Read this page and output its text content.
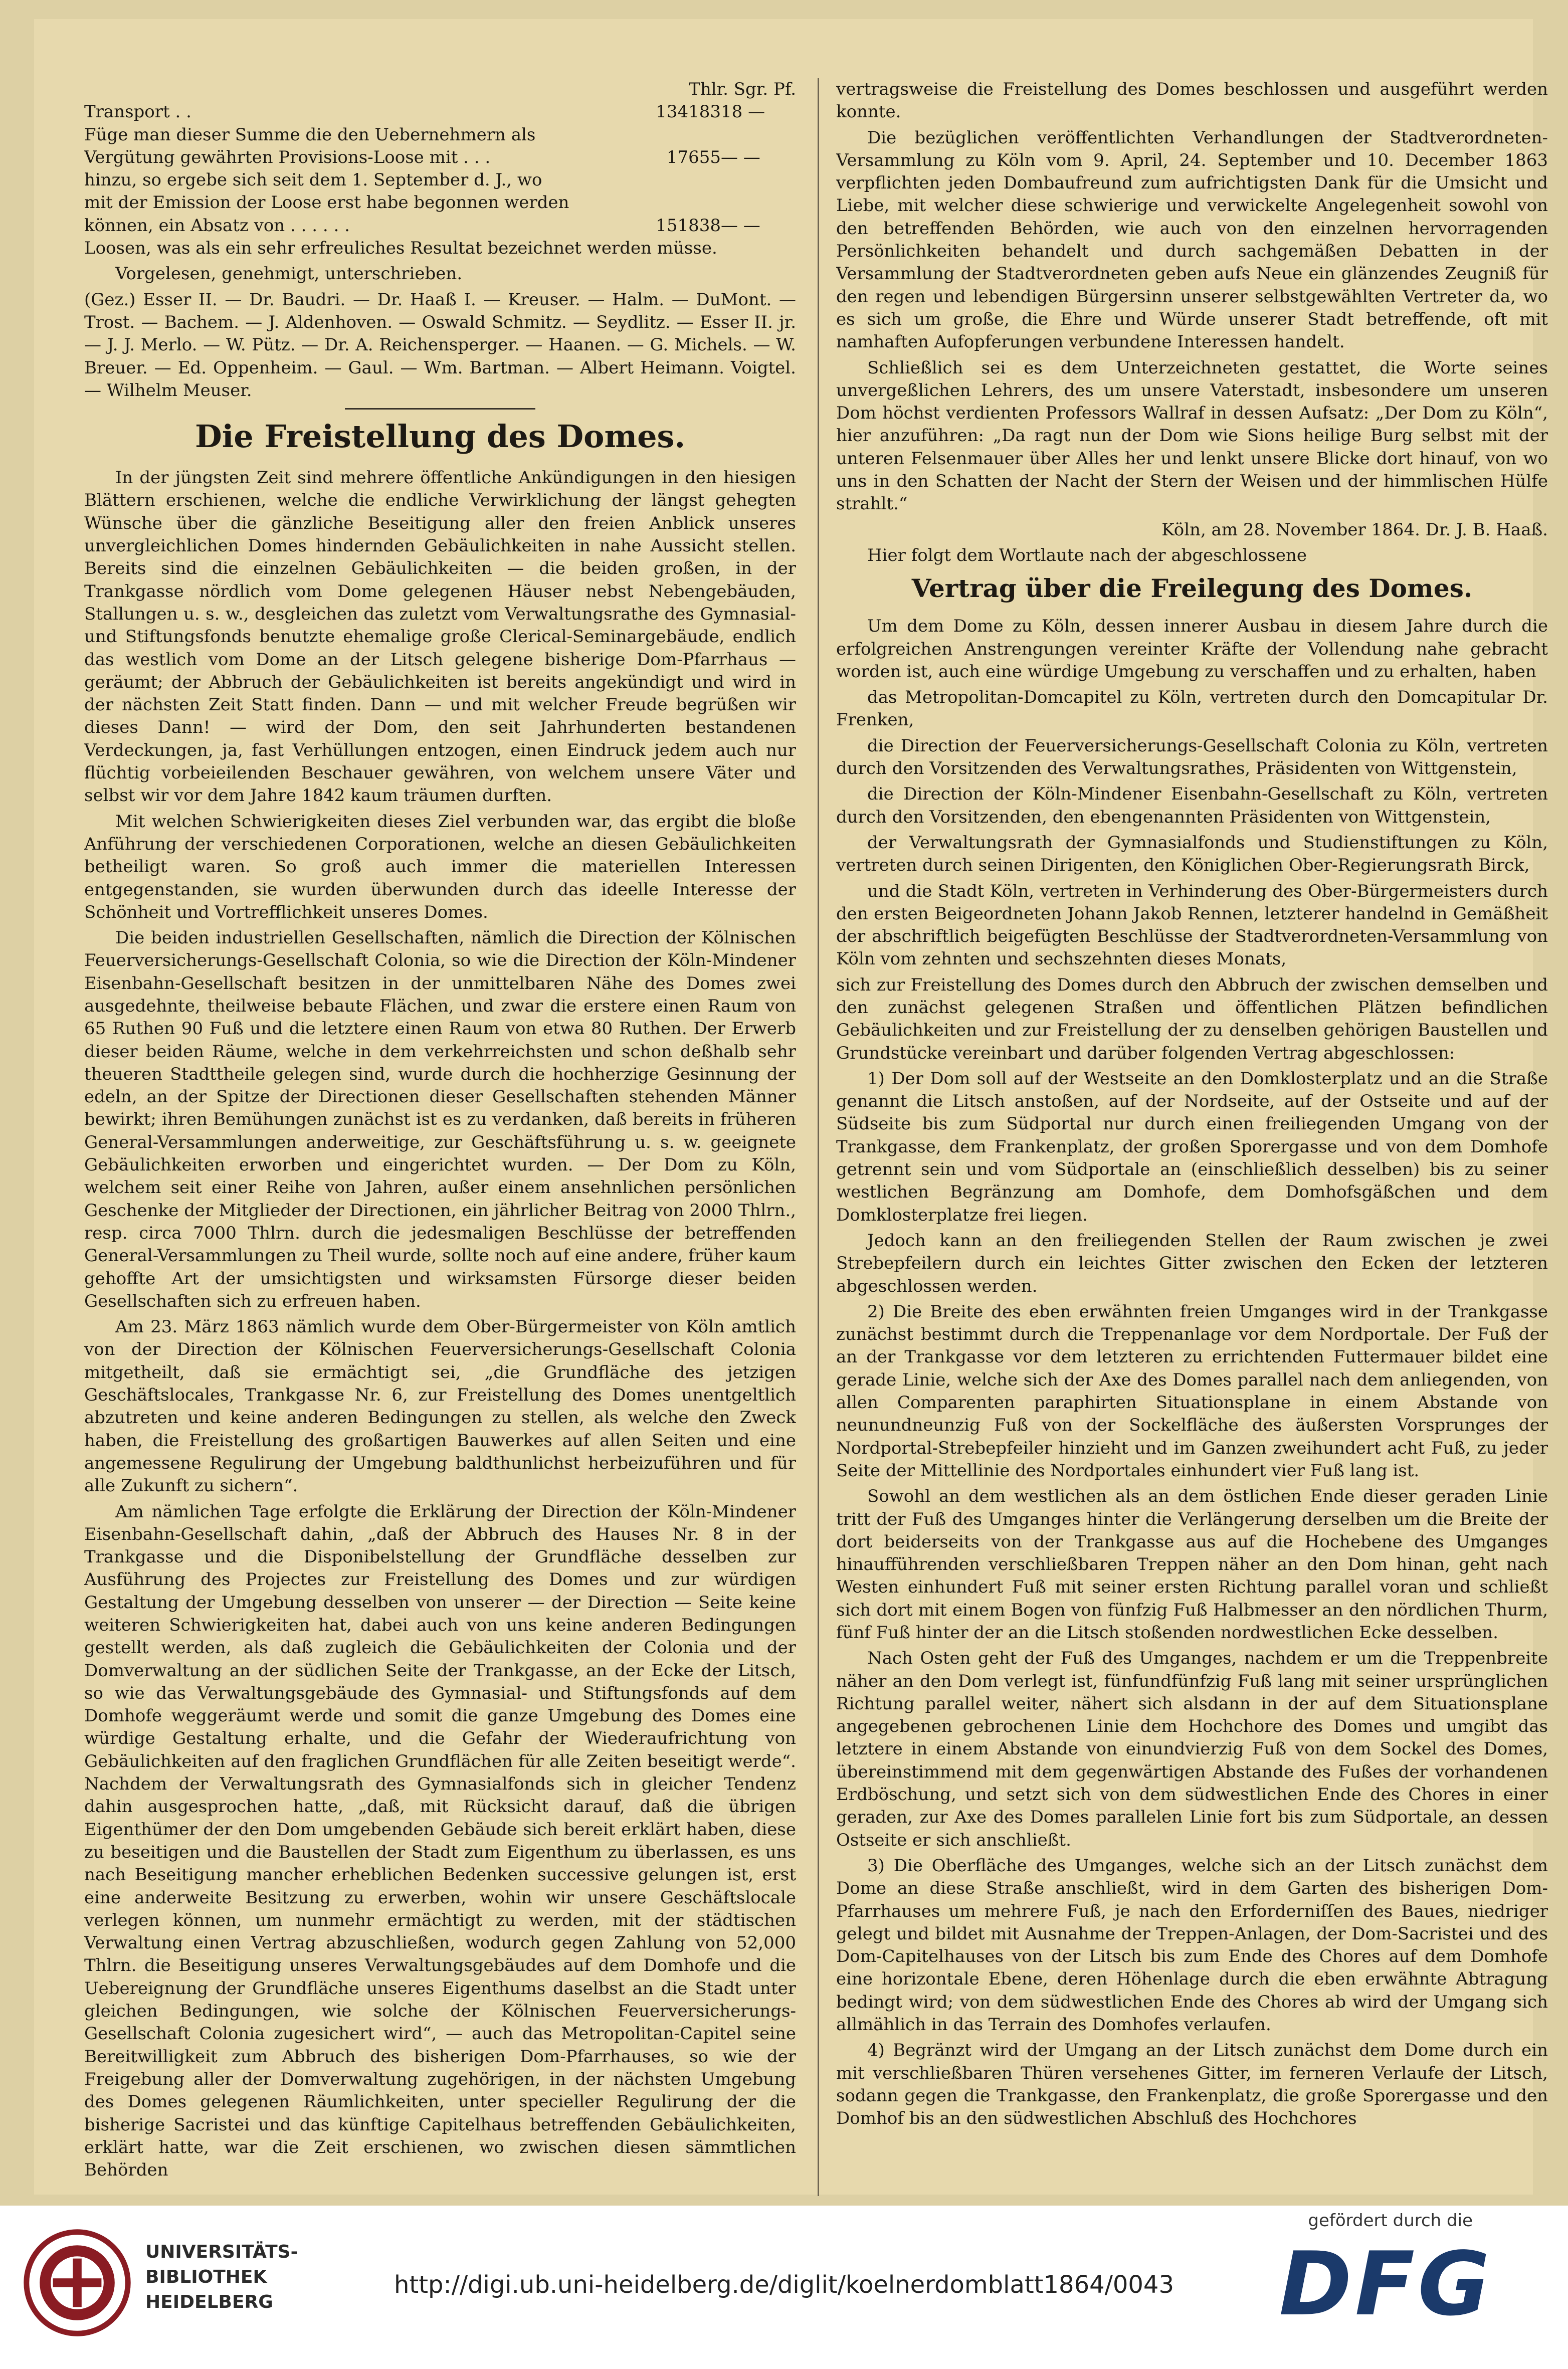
Thlr. Sgr. Pf.

Transport . .	134183 18 —
Füge man dieser Summe die den Uebernehmern als
Vergütung gewährten Provisions-Loose mit . . .	17655 — —
hinzu, so ergebe sich seit dem 1. September d. J., wo
mit der Emission der Loose erst habe begonnen werden
können, ein Absatz von . . . . . .	151838 — —

Loosen, was als ein sehr erfreuliches Resultat bezeichnet werden müsse.

Vorgelesen, genehmigt, unterschrieben.

(Gez.) Esser II. — Dr. Baudri. — Dr. Haaß I. — Kreuser. — Halm. — DuMont. — Trost. — Bachem. — J. Aldenhoven. — Oswald Schmitz. — Seydlitz. — Esser II. jr. — J. J. Merlo. — W. Pütz. — Dr. A. Reichensperger. — Haanen. — G. Michels. — W. Breuer. — Ed. Oppenheim. — Gaul. — Wm. Bartman. — Albert Heimann. Voigtel. — Wilhelm Meuser.

Die Freistellung des Domes.

In der jüngsten Zeit sind mehrere öffentliche Ankündigungen in den hiesigen Blättern erschienen, welche die endliche Verwirklichung der längst gehegten Wünsche über die gänzliche Beseitigung aller den freien Anblick unseres unvergleichlichen Domes hindernden Gebäulichkeiten in nahe Aussicht stellen. Bereits sind die einzelnen Gebäulichkeiten — die beiden großen, in der Trankgasse nördlich vom Dome gelegenen Häuser nebst Nebengebäuden, Stallungen u. s. w., desgleichen das zuletzt vom Verwaltungsrathe des Gymnasial- und Stiftungsfonds benutzte ehemalige große Clerical-Seminargebäude, endlich das westlich vom Dome an der Litsch gelegene bisherige Dom-Pfarrhaus — geräumt; der Abbruch der Gebäulichkeiten ist bereits angekündigt und wird in der nächsten Zeit Statt finden. Dann — und mit welcher Freude begrüßen wir dieses Dann! — wird der Dom, den seit Jahrhunderten bestandenen Verdeckungen, ja, fast Verhüllungen entzogen, einen Eindruck jedem auch nur flüchtig vorbeieilenden Beschauer gewähren, von welchem unsere Väter und selbst wir vor dem Jahre 1842 kaum träumen durften.

Mit welchen Schwierigkeiten dieses Ziel verbunden war, das ergibt die bloße Anführung der verschiedenen Corporationen, welche an diesen Gebäulichkeiten betheiligt waren. So groß auch immer die materiellen Interessen entgegenstanden, sie wurden überwunden durch das ideelle Interesse der Schönheit und Vortrefflichkeit unseres Domes.

Die beiden industriellen Gesellschaften, nämlich die Direction der Kölnischen Feuerversicherungs-Gesellschaft Colonia, so wie die Direction der Köln-Mindener Eisenbahn-Gesellschaft besitzen in der unmittelbaren Nähe des Domes zwei ausgedehnte, theilweise bebaute Flächen, und zwar die erstere einen Raum von 65 Ruthen 90 Fuß und die letztere einen Raum von etwa 80 Ruthen. Der Erwerb dieser beiden Räume, welche in dem verkehrreichsten und schon deßhalb sehr theueren Stadttheile gelegen sind, wurde durch die hochherzige Gesinnung der edeln, an der Spitze der Directionen dieser Gesellschaften stehenden Männer bewirkt; ihren Bemühungen zunächst ist es zu verdanken, daß bereits in früheren General-Versammlungen anderweitige, zur Geschäftsführung u. s. w. geeignete Gebäulichkeiten erworben und eingerichtet wurden. — Der Dom zu Köln, welchem seit einer Reihe von Jahren, außer einem ansehnlichen persönlichen Geschenke der Mitglieder der Directionen, ein jährlicher Beitrag von 2000 Thlrn., resp. circa 7000 Thlrn. durch die jedesmaligen Beschlüsse der betreffenden General-Versammlungen zu Theil wurde, sollte noch auf eine andere, früher kaum gehoffte Art der umsichtigsten und wirksamsten Fürsorge dieser beiden Gesellschaften sich zu erfreuen haben.

Am 23. März 1863 nämlich wurde dem Ober-Bürgermeister von Köln amtlich von der Direction der Kölnischen Feuerversicherungs-Gesellschaft Colonia mitgetheilt, daß sie ermächtigt sei, „die Grundfläche des jetzigen Geschäftslocales, Trankgasse Nr. 6, zur Freistellung des Domes unentgeltlich abzutreten und keine anderen Bedingungen zu stellen, als welche den Zweck haben, die Freistellung des großartigen Bauwerkes auf allen Seiten und eine angemessene Regulirung der Umgebung baldthunlichst herbeizuführen und für alle Zukunft zu sichern“.

Am nämlichen Tage erfolgte die Erklärung der Direction der Köln-Mindener Eisenbahn-Gesellschaft dahin, „daß der Abbruch des Hauses Nr. 8 in der Trankgasse und die Disponibelstellung der Grundfläche desselben zur Ausführung des Projectes zur Freistellung des Domes und zur würdigen Gestaltung der Umgebung desselben von unserer — der Direction — Seite keine weiteren Schwierigkeiten hat, dabei auch von uns keine anderen Bedingungen gestellt werden, als daß zugleich die Gebäulichkeiten der Colonia und der Domverwaltung an der südlichen Seite der Trankgasse, an der Ecke der Litsch, so wie das Verwaltungsgebäude des Gymnasial- und Stiftungsfonds auf dem Domhofe weggeräumt werde und somit die ganze Umgebung des Domes eine würdige Gestaltung erhalte, und die Gefahr der Wiederaufrichtung von Gebäulichkeiten auf den fraglichen Grundflächen für alle Zeiten beseitigt werde“. Nachdem der Verwaltungsrath des Gymnasialfonds sich in gleicher Tendenz dahin ausgesprochen hatte, „daß, mit Rücksicht darauf, daß die übrigen Eigenthümer der den Dom umgebenden Gebäude sich bereit erklärt haben, diese zu beseitigen und die Baustellen der Stadt zum Eigenthum zu überlassen, es uns nach Beseitigung mancher erheblichen Bedenken successive gelungen ist, erst eine anderweite Besitzung zu erwerben, wohin wir unsere Geschäftslocale verlegen können, um nunmehr ermächtigt zu werden, mit der städtischen Verwaltung einen Vertrag abzuschließen, wodurch gegen Zahlung von 52,000 Thlrn. die Beseitigung unseres Verwaltungsgebäudes auf dem Domhofe und die Uebereignung der Grundfläche unseres Eigenthums daselbst an die Stadt unter gleichen Bedingungen, wie solche der Kölnischen Feuerversicherungs-Gesellschaft Colonia zugesichert wird“, — auch das Metropolitan-Capitel seine Bereitwilligkeit zum Abbruch des bisherigen Dom-Pfarrhauses, so wie der Freigebung aller der Domverwaltung zugehörigen, in der nächsten Umgebung des Domes gelegenen Räumlichkeiten, unter specieller Regulirung der die bisherige Sacristei und das künftige Capitelhaus betreffenden Gebäulichkeiten, erklärt hatte, war die Zeit erschienen, wo zwischen diesen sämmtlichen Behörden

vertragsweise die Freistellung des Domes beschlossen und ausgeführt werden konnte.

Die bezüglichen veröffentlichten Verhandlungen der Stadtverordneten-Versammlung zu Köln vom 9. April, 24. September und 10. December 1863 verpflichten jeden Dombaufreund zum aufrichtigsten Dank für die Umsicht und Liebe, mit welcher diese schwierige und verwickelte Angelegenheit sowohl von den betreffenden Behörden, wie auch von den einzelnen hervorragenden Persönlichkeiten behandelt und durch sachgemäßen Debatten in der Versammlung der Stadtverordneten geben aufs Neue ein glänzendes Zeugniß für den regen und lebendigen Bürgersinn unserer selbstgewählten Vertreter da, wo es sich um große, die Ehre und Würde unserer Stadt betreffende, oft mit namhaften Aufopferungen verbundene Interessen handelt.

Schließlich sei es dem Unterzeichneten gestattet, die Worte seines unvergeßlichen Lehrers, des um unsere Vaterstadt, insbesondere um unseren Dom höchst verdienten Professors Wallraf in dessen Aufsatz: „Der Dom zu Köln“, hier anzuführen: „Da ragt nun der Dom wie Sions heilige Burg selbst mit der unteren Felsenmauer über Alles her und lenkt unsere Blicke dort hinauf, von wo uns in den Schatten der Nacht der Stern der Weisen und der himmlischen Hülfe strahlt.“

Köln, am 28. November 1864. Dr. J. B. Haaß.

Hier folgt dem Wortlaute nach der abgeschlossene

Vertrag über die Freilegung des Domes.

Um dem Dome zu Köln, dessen innerer Ausbau in diesem Jahre durch die erfolgreichen Anstrengungen vereinter Kräfte der Vollendung nahe gebracht worden ist, auch eine würdige Umgebung zu verschaffen und zu erhalten, haben

das Metropolitan-Domcapitel zu Köln, vertreten durch den Domcapitular Dr. Frenken,

die Direction der Feuerversicherungs-Gesellschaft Colonia zu Köln, vertreten durch den Vorsitzenden des Verwaltungsrathes, Präsidenten von Wittgenstein,

die Direction der Köln-Mindener Eisenbahn-Gesellschaft zu Köln, vertreten durch den Vorsitzenden, den ebengenannten Präsidenten von Wittgenstein,

der Verwaltungsrath der Gymnasialfonds und Studienstiftungen zu Köln, vertreten durch seinen Dirigenten, den Königlichen Ober-Regierungsrath Birck,

und die Stadt Köln, vertreten in Verhinderung des Ober-Bürgermeisters durch den ersten Beigeordneten Johann Jakob Rennen, letzterer handelnd in Gemäßheit der abschriftlich beigefügten Beschlüsse der Stadtverordneten-Versammlung von Köln vom zehnten und sechszehnten dieses Monats,

sich zur Freistellung des Domes durch den Abbruch der zwischen demselben und den zunächst gelegenen Straßen und öffentlichen Plätzen befindlichen Gebäulichkeiten und zur Freistellung der zu denselben gehörigen Baustellen und Grundstücke vereinbart und darüber folgenden Vertrag abgeschlossen:

1) Der Dom soll auf der Westseite an den Domklosterplatz und an die Straße genannt die Litsch anstoßen, auf der Nordseite, auf der Ostseite und auf der Südseite bis zum Südportal nur durch einen freiliegenden Umgang von der Trankgasse, dem Frankenplatz, der großen Sporergasse und von dem Domhofe getrennt sein und vom Südportale an (einschließlich desselben) bis zu seiner westlichen Begränzung am Domhofe, dem Domhofsgäßchen und dem Domklosterplatze frei liegen.

Jedoch kann an den freiliegenden Stellen der Raum zwischen je zwei Strebepfeilern durch ein leichtes Gitter zwischen den Ecken der letzteren abgeschlossen werden.

2) Die Breite des eben erwähnten freien Umganges wird in der Trankgasse zunächst bestimmt durch die Treppenanlage vor dem Nordportale. Der Fuß der an der Trankgasse vor dem letzteren zu errichtenden Futtermauer bildet eine gerade Linie, welche sich der Axe des Domes parallel nach dem anliegenden, von allen Comparenten paraphirten Situationsplane in einem Abstande von neunundneunzig Fuß von der Sockelfläche des äußersten Vorsprunges der Nordportal-Strebepfeiler hinzieht und im Ganzen zweihundert acht Fuß, zu jeder Seite der Mittellinie des Nordportales einhundert vier Fuß lang ist.

Sowohl an dem westlichen als an dem östlichen Ende dieser geraden Linie tritt der Fuß des Umganges hinter die Verlängerung derselben um die Breite der dort beiderseits von der Trankgasse aus auf die Hochebene des Umganges hinaufführenden verschließbaren Treppen näher an den Dom hinan, geht nach Westen einhundert Fuß mit seiner ersten Richtung parallel voran und schließt sich dort mit einem Bogen von fünfzig Fuß Halbmesser an den nördlichen Thurm, fünf Fuß hinter der an die Litsch stoßenden nordwestlichen Ecke desselben.

Nach Osten geht der Fuß des Umganges, nachdem er um die Treppenbreite näher an den Dom verlegt ist, fünfundfünfzig Fuß lang mit seiner ursprünglichen Richtung parallel weiter, nähert sich alsdann in der auf dem Situationsplane angegebenen gebrochenen Linie dem Hochchore des Domes und umgibt das letztere in einem Abstande von einundvierzig Fuß von dem Sockel des Domes, übereinstimmend mit dem gegenwärtigen Abstande des Fußes der vorhandenen Erdböschung, und setzt sich von dem südwestlichen Ende des Chores in einer geraden, zur Axe des Domes parallelen Linie fort bis zum Südportale, an dessen Ostseite er sich anschließt.

3) Die Oberfläche des Umganges, welche sich an der Litsch zunächst dem Dome an diese Straße anschließt, wird in dem Garten des bisherigen Dom-Pfarrhauses um mehrere Fuß, je nach den Erforderniſſen des Baues, niedriger gelegt und bildet mit Ausnahme der Treppen-Anlagen, der Dom-Sacristei und des Dom-Capitelhauses von der Litsch bis zum Ende des Chores auf dem Domhofe eine horizontale Ebene, deren Höhenlage durch die eben erwähnte Abtragung bedingt wird; von dem südwestlichen Ende des Chores ab wird der Umgang sich allmählich in das Terrain des Domhofes verlaufen.

4) Begränzt wird der Umgang an der Litsch zunächst dem Dome durch ein mit verschließbaren Thüren versehenes Gitter, im ferneren Verlaufe der Litsch, sodann gegen die Trankgasse, den Frankenplatz, die große Sporergasse und den Domhof bis an den südwestlichen Abschluß des Hochchores

UNIVERSITÄTS-
BIBLIOTHEK
HEIDELBERG
http://digi.ub.uni-heidelberg.de/diglit/koelnerdomblatt1864/0043
gefördert durch die
DFG
